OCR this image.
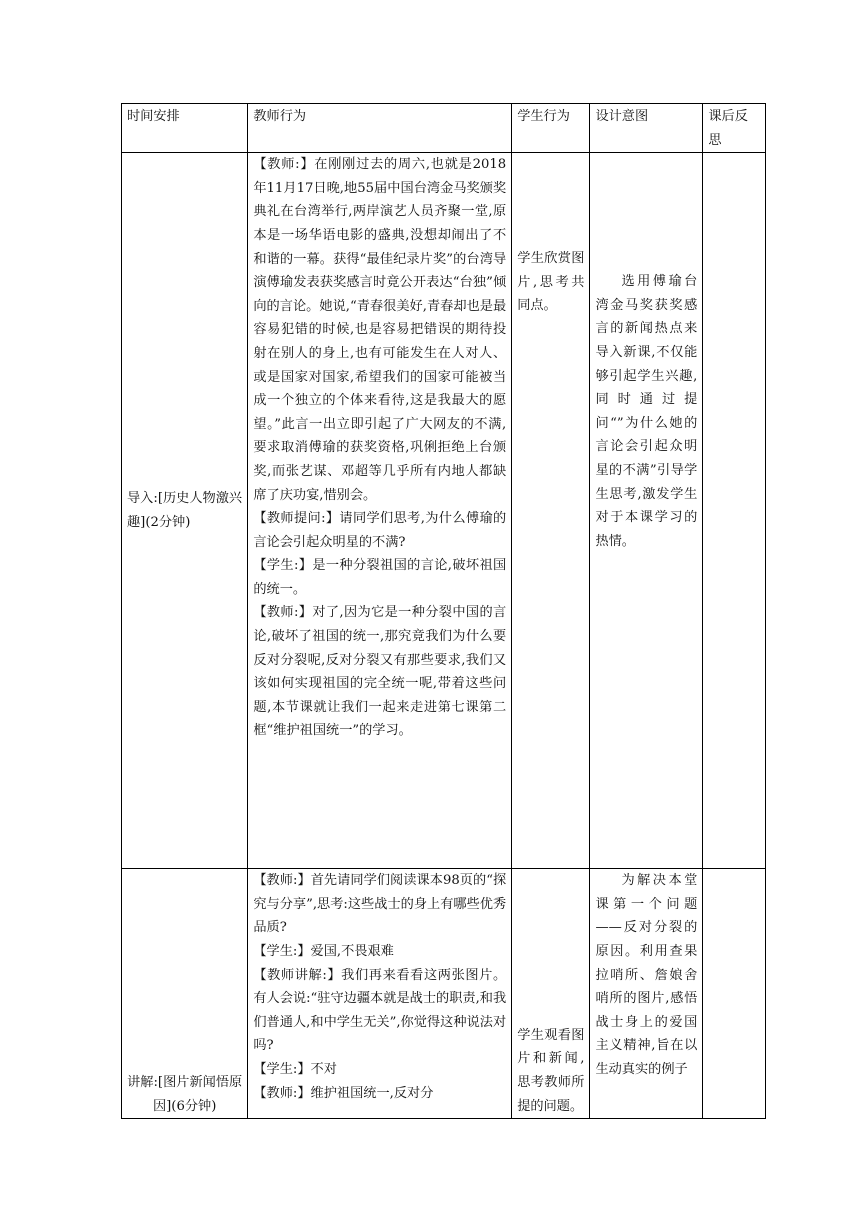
时间安排	教师行为	学生行为	设计意图	课后反思
导入:[历史人物激兴趣](2分钟)	【教师:】在刚刚过去的周六,也就是2018年11月17日晚,地55届中国台湾金马奖颁奖典礼在台湾举行,两岸演艺人员齐聚一堂,原本是一场华语电影的盛典,没想却闹出了不和谐的一幕。获得“最佳纪录片奖”的台湾导演傅瑜发表获奖感言时竟公开表达“台独”倾向的言论。她说,“青春很美好,青春却也是最容易犯错的时候,也是容易把错误的期待投射在别人的身上,也有可能发生在人对人、或是国家对国家,希望我们的国家可能被当成一个独立的个体来看待,这是我最大的愿望。”此言一出立即引起了广大网友的不满,要求取消傅瑜的获奖资格,巩俐拒绝上台颁奖,而张艺谋、邓超等几乎所有内地人都缺席了庆功宴,惜别会。
【教师提问:】请同学们思考,为什么傅瑜的言论会引起众明星的不满?
【学生:】是一种分裂祖国的言论,破坏祖国的统一。
【教师:】对了,因为它是一种分裂中国的言论,破坏了祖国的统一,那究竟我们为什么要反对分裂呢,反对分裂又有那些要求,我们又该如何实现祖国的完全统一呢,带着这些问题,本节课就让我们一起来走进第七课第二框“维护祖国统一”的学习。	学生欣赏图片,思考共同点。	选用傅瑜台湾金马奖获奖感言的新闻热点来导入新课,不仅能够引起学生兴趣,同时通过提问“”为什么她的言论会引起众明星的不满”引导学生思考,激发学生对于本课学习的热情。	
讲解:[图片新闻悟原因](6分钟)	【教师:】首先请同学们阅读课本98页的“探究与分享”,思考:这些战士的身上有哪些优秀品质?
【学生:】爱国,不畏艰难
【教师讲解:】我们再来看看这两张图片。有人会说:“驻守边疆本就是战士的职责,和我们普通人,和中学生无关”,你觉得这种说法对吗?
【学生:】不对
【教师:】维护祖国统一,反对分	学生观看图片和新闻,思考教师所提的问题。	为解决本堂课第一个问题——反对分裂的原因。利用查果拉哨所、詹娘舍哨所的图片,感悟战士身上的爱国主义精神,旨在以生动真实的例子	
